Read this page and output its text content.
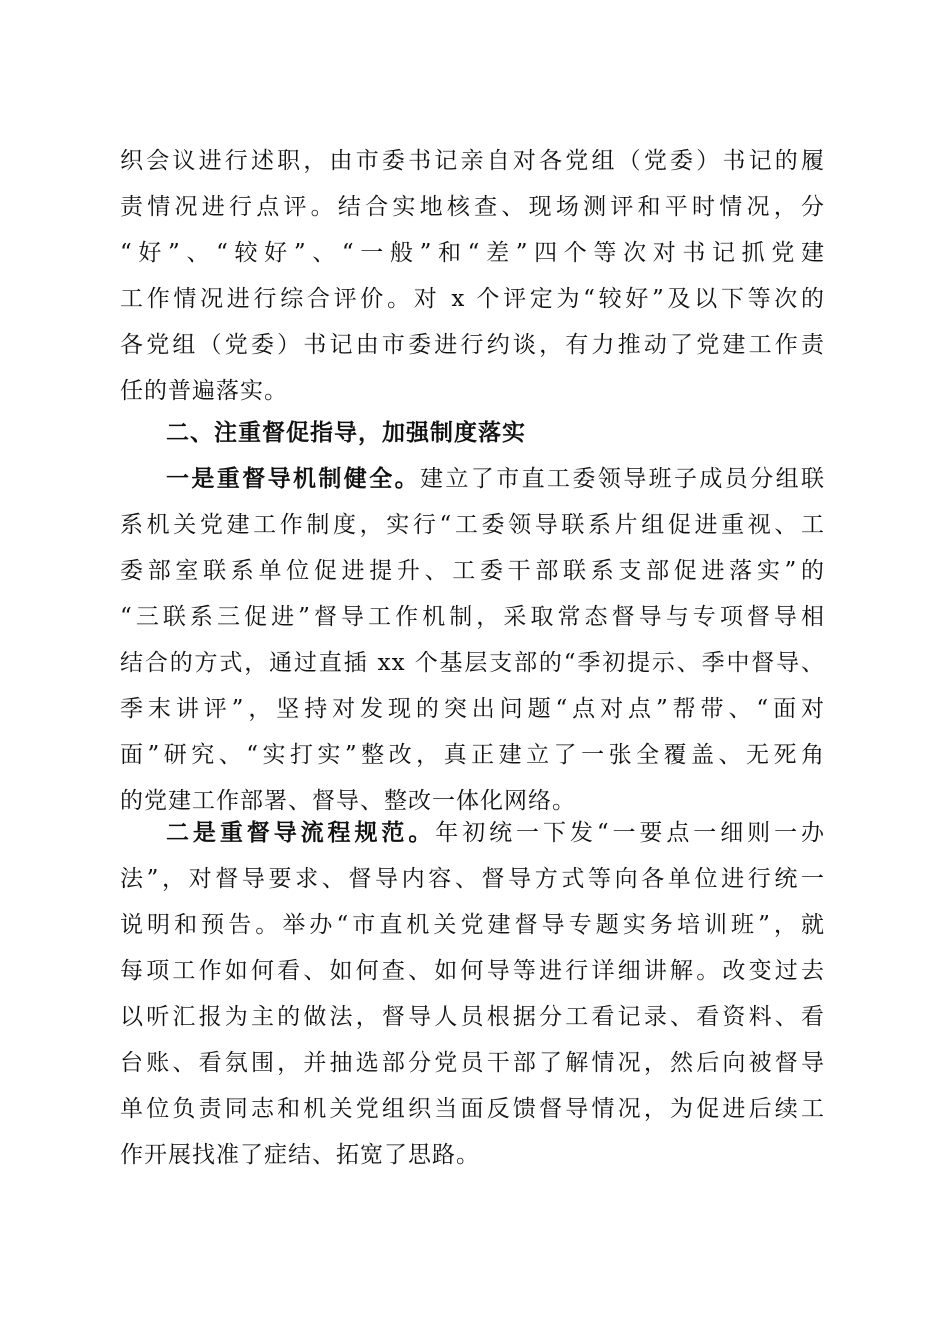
织会议进行述职，由市委书记亲自对各党组（党委）书记的履
责情况进行点评。结合实地核查、现场测评和平时情况，分
“好”、“较好”、“一般”和“差”四个等次对书记抓党建
工作情况进行综合评价。对 x 个评定为“较好”及以下等次的
各党组（党委）书记由市委进行约谈，有力推动了党建工作责
任的普遍落实。
二、注重督促指导，加强制度落实
一是重督导机制健全。建立了市直工委领导班子成员分组联
系机关党建工作制度，实行“工委领导联系片组促进重视、工
委部室联系单位促进提升、工委干部联系支部促进落实”的
“三联系三促进”督导工作机制，采取常态督导与专项督导相
结合的方式，通过直插 xx 个基层支部的“季初提示、季中督导、
季末讲评”，坚持对发现的突出问题“点对点”帮带、“面对
面”研究、“实打实”整改，真正建立了一张全覆盖、无死角
的党建工作部署、督导、整改一体化网络。
二是重督导流程规范。年初统一下发“一要点一细则一办
法”，对督导要求、督导内容、督导方式等向各单位进行统一
说明和预告。举办“市直机关党建督导专题实务培训班”，就
每项工作如何看、如何查、如何导等进行详细讲解。改变过去
以听汇报为主的做法，督导人员根据分工看记录、看资料、看
台账、看氛围，并抽选部分党员干部了解情况，然后向被督导
单位负责同志和机关党组织当面反馈督导情况，为促进后续工
作开展找准了症结、拓宽了思路。
